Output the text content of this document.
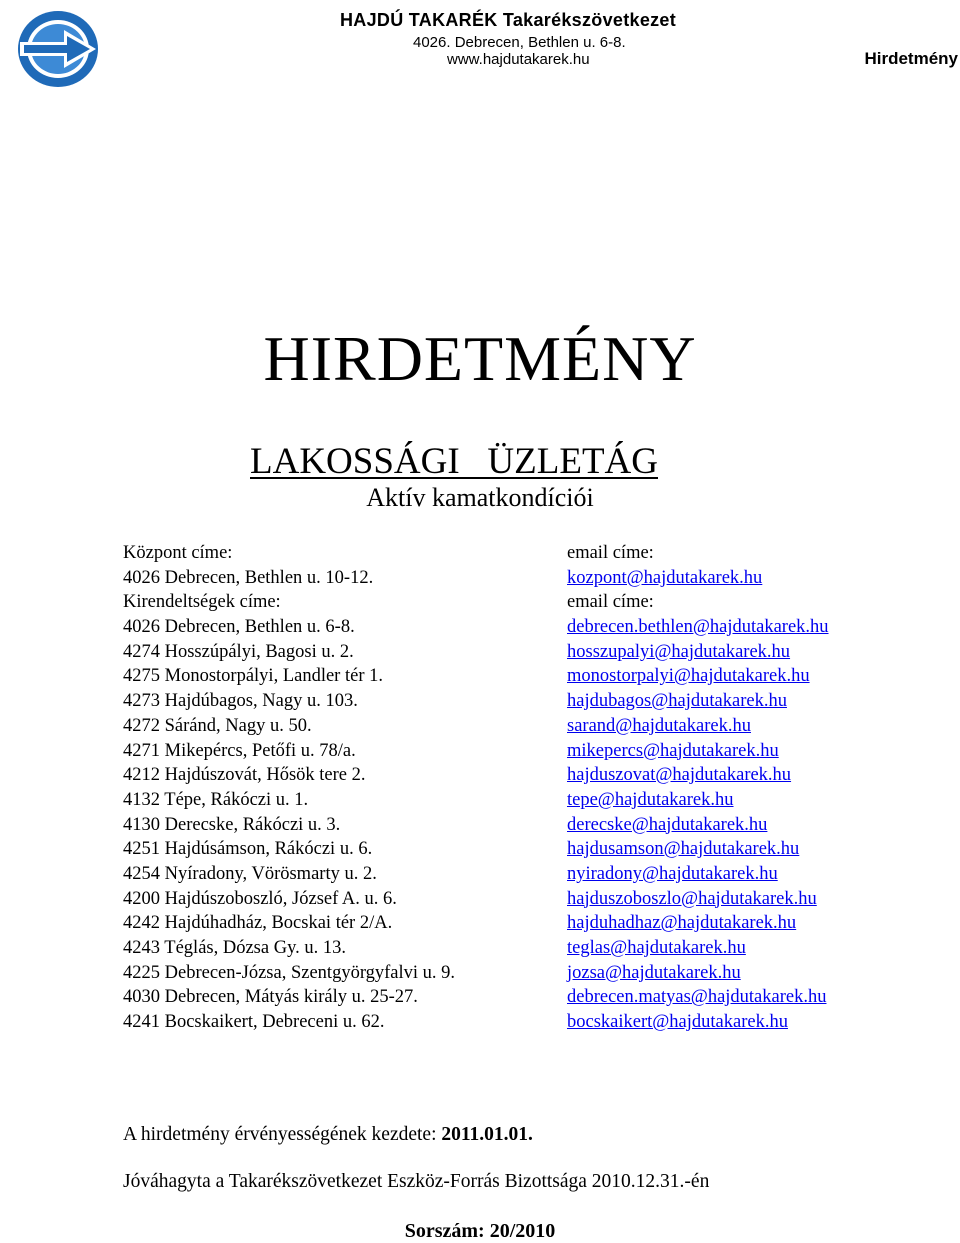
HAJDÚ TAKARÉK Takarékszövetkezet
4026. Debrecen, Bethlen u. 6-8.
www.hajdutakarek.hu	Hirdetmény
HIRDETMÉNY
LAKOSSÁGI   ÜZLETÁG
Aktív kamatkondíciói
Központ címe:
4026 Debrecen, Bethlen u. 10-12.
Kirendeltségek címe:
4026 Debrecen, Bethlen u. 6-8.
4274 Hosszúpályi, Bagosi u. 2.
4275 Monostorpályi, Landler tér 1.
4273 Hajdúbagos, Nagy u. 103.
4272 Sáránd, Nagy u. 50.
4271 Mikepércs, Petőfi u. 78/a.
4212 Hajdúszovát, Hősök tere 2.
4132 Tépe, Rákóczi u. 1.
4130 Derecske, Rákóczi u. 3.
4251 Hajdúsámson, Rákóczi u. 6.
4254 Nyíradony, Vörösmarty u. 2.
4200 Hajdúszoboszló, József A. u. 6.
4242 Hajdúhadház, Bocskai tér 2/A.
4243 Téglás, Dózsa Gy. u. 13.
4225 Debrecen-Józsa, Szentgyörgyfalvi u. 9.
4030 Debrecen, Mátyás király u. 25-27.
4241 Bocskaikert, Debreceni u. 62.
email címe:
kozpont@hajdutakarek.hu
email címe:
debrecen.bethlen@hajdutakarek.hu
hosszupalyi@hajdutakarek.hu
monostorpalyi@hajdutakarek.hu
hajdubagos@hajdutakarek.hu
sarand@hajdutakarek.hu
mikepercs@hajdutakarek.hu
hajduszovat@hajdutakarek.hu
tepe@hajdutakarek.hu
derecske@hajdutakarek.hu
hajdusamson@hajdutakarek.hu
nyiradony@hajdutakarek.hu
hajduszoboszlo@hajdutakarek.hu
hajduhadhaz@hajdutakarek.hu
teglas@hajdutakarek.hu
jozsa@hajdutakarek.hu
debrecen.matyas@hajdutakarek.hu
bocskaikert@hajdutakarek.hu
A hirdetmény érvényességének kezdete: 2011.01.01.
Jóváhagyta a Takarékszövetkezet Eszköz-Forrás Bizottsága 2010.12.31.-én
Sorszám: 20/2010
